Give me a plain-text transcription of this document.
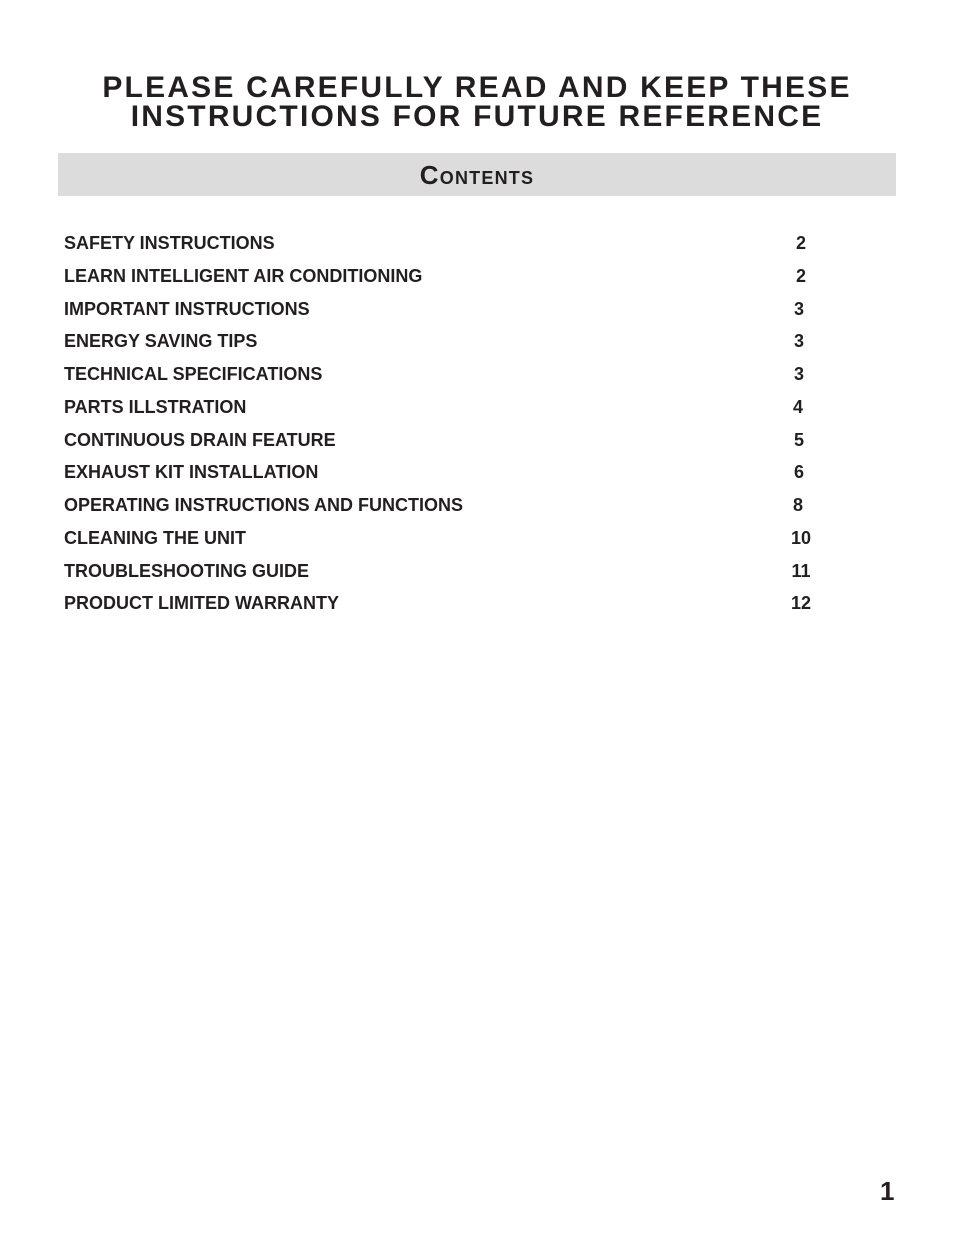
PLEASE CAREFULLY READ AND KEEP THESE
INSTRUCTIONS FOR FUTURE REFERENCE
Contents
SAFETY INSTRUCTIONS	2
LEARN INTELLIGENT AIR CONDITIONING	2
IMPORTANT INSTRUCTIONS	3
ENERGY SAVING TIPS	3
TECHNICAL SPECIFICATIONS	3
PARTS ILLSTRATION	4
CONTINUOUS DRAIN FEATURE	5
EXHAUST KIT INSTALLATION	6
OPERATING INSTRUCTIONS AND FUNCTIONS	8
CLEANING THE UNIT	10
TROUBLESHOOTING GUIDE	11
PRODUCT LIMITED WARRANTY	12
1
